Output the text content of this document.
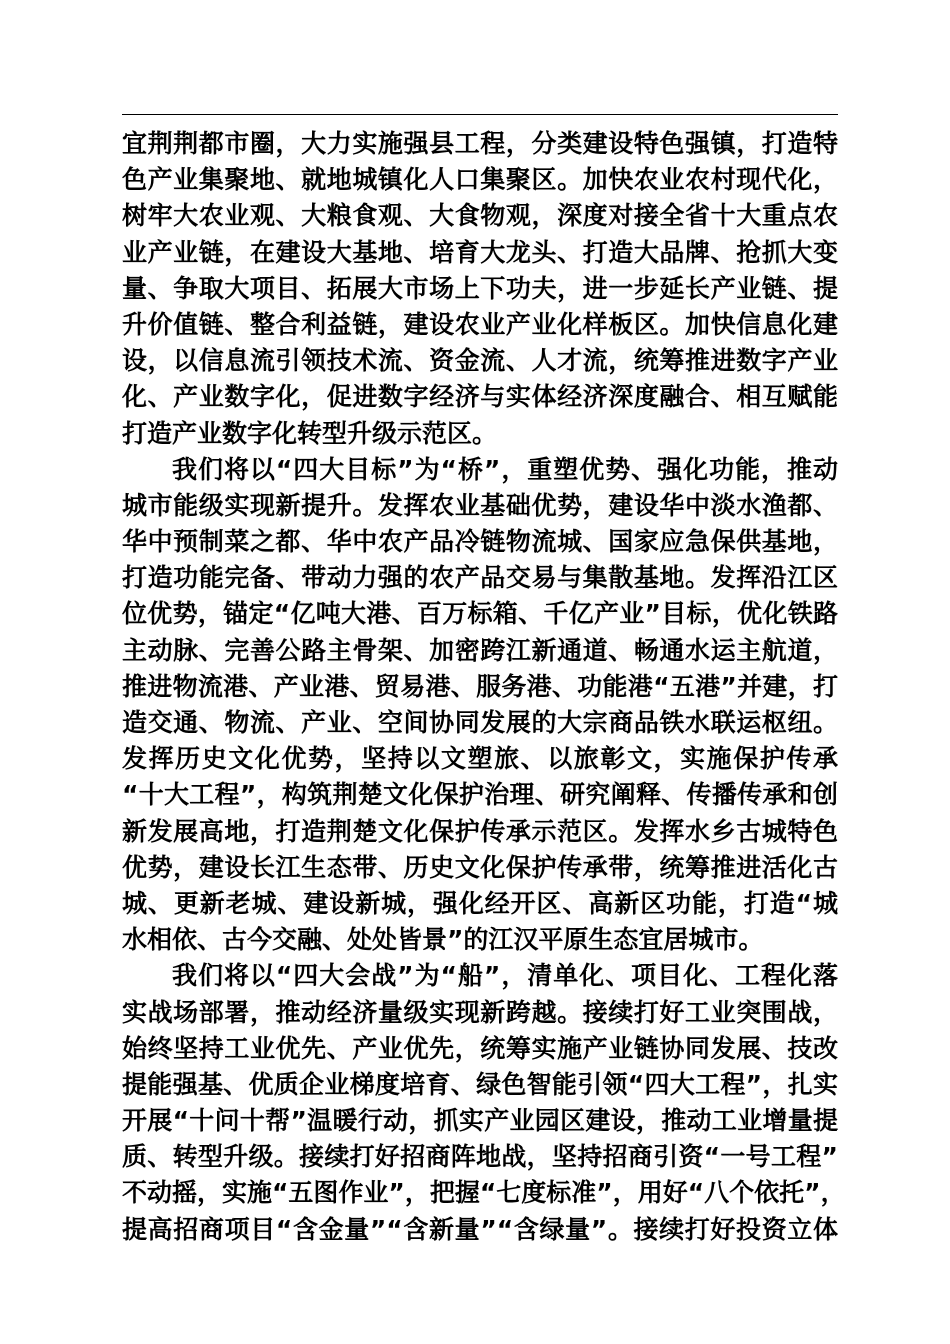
宜荆荆都市圈，大力实施强县工程，分类建设特色强镇，打造特
色产业集聚地、就地城镇化人口集聚区。加快农业农村现代化，
树牢大农业观、大粮食观、大食物观，深度对接全省十大重点农
业产业链，在建设大基地、培育大龙头、打造大品牌、抢抓大变
量、争取大项目、拓展大市场上下功夫，进一步延长产业链、提
升价值链、整合利益链，建设农业产业化样板区。加快信息化建
设，以信息流引领技术流、资金流、人才流，统筹推进数字产业
化、产业数字化，促进数字经济与实体经济深度融合、相互赋能
打造产业数字化转型升级示范区。
我们将以“四大目标”为“桥”，重塑优势、强化功能，推动
城市能级实现新提升。发挥农业基础优势，建设华中淡水渔都、
华中预制菜之都、华中农产品冷链物流城、国家应急保供基地，
打造功能完备、带动力强的农产品交易与集散基地。发挥沿江区
位优势，锚定“亿吨大港、百万标箱、千亿产业”目标，优化铁路
主动脉、完善公路主骨架、加密跨江新通道、畅通水运主航道，
推进物流港、产业港、贸易港、服务港、功能港“五港”并建，打
造交通、物流、产业、空间协同发展的大宗商品铁水联运枢纽。
发挥历史文化优势，坚持以文塑旅、以旅彰文，实施保护传承
“十大工程”，构筑荆楚文化保护治理、研究阐释、传播传承和创
新发展高地，打造荆楚文化保护传承示范区。发挥水乡古城特色
优势，建设长江生态带、历史文化保护传承带，统筹推进活化古
城、更新老城、建设新城，强化经开区、高新区功能，打造“城
水相依、古今交融、处处皆景”的江汉平原生态宜居城市。
我们将以“四大会战”为“船”，清单化、项目化、工程化落
实战场部署，推动经济量级实现新跨越。接续打好工业突围战，
始终坚持工业优先、产业优先，统筹实施产业链协同发展、技改
提能强基、优质企业梯度培育、绿色智能引领“四大工程”，扎实
开展“十问十帮”温暖行动，抓实产业园区建设，推动工业增量提
质、转型升级。接续打好招商阵地战，坚持招商引资“一号工程”
不动摇，实施“五图作业”，把握“七度标准”，用好“八个依托”，
提高招商项目“含金量”“含新量”“含绿量”。接续打好投资立体
